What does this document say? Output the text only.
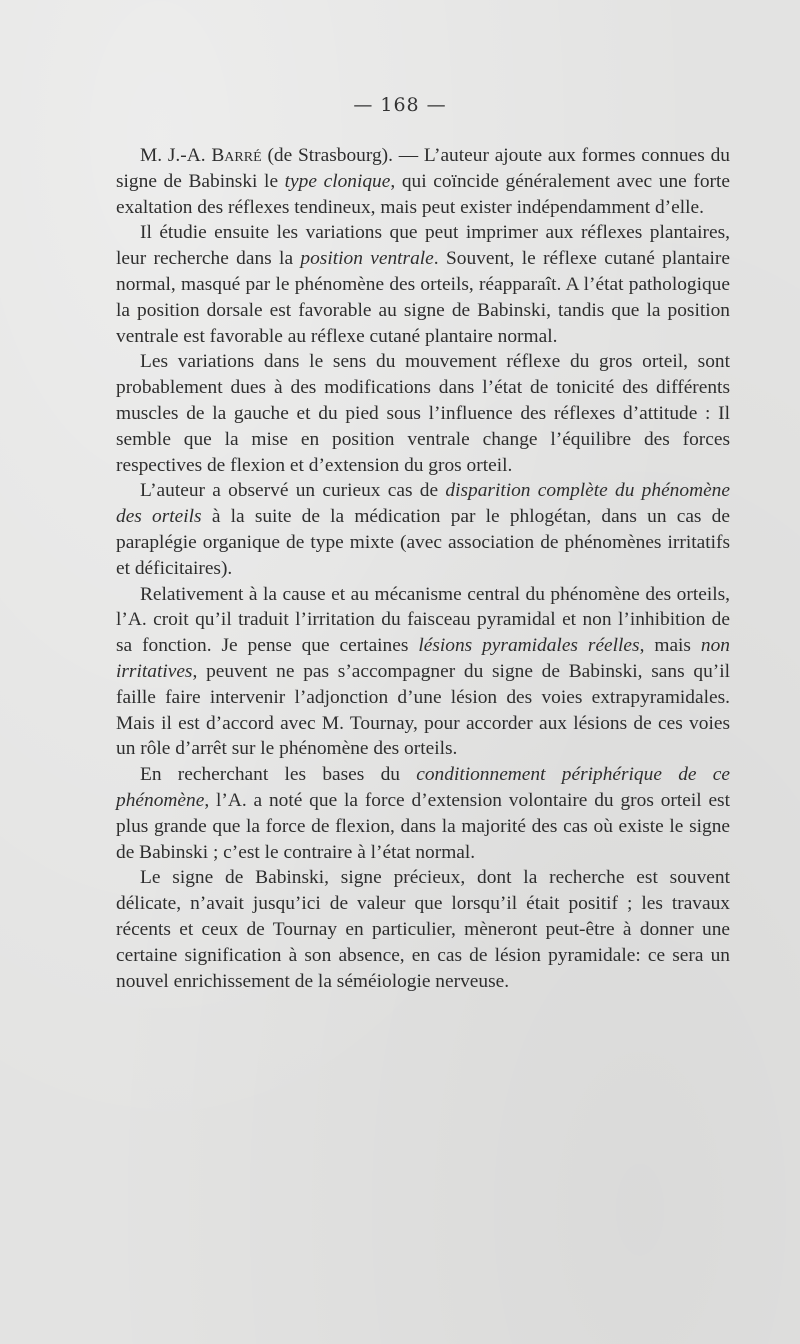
— 168 —

M. J.-A. Barré (de Strasbourg). — L’auteur ajoute aux formes connues du signe de Babinski le type clonique, qui coïncide généralement avec une forte exaltation des réflexes tendineux, mais peut exister indépendamment d’elle.

Il étudie ensuite les variations que peut imprimer aux réflexes plantaires, leur recherche dans la position ventrale. Souvent, le réflexe cutané plantaire normal, masqué par le phénomène des orteils, réapparaît. A l’état pathologique la position dorsale est favorable au signe de Babinski, tandis que la position ventrale est favorable au réflexe cutané plantaire normal.

Les variations dans le sens du mouvement réflexe du gros orteil, sont probablement dues à des modifications dans l’état de tonicité des différents muscles de la gauche et du pied sous l’influence des réflexes d’attitude : Il semble que la mise en position ventrale change l’équilibre des forces respectives de flexion et d’extension du gros orteil.

L’auteur a observé un curieux cas de disparition complète du phénomène des orteils à la suite de la médication par le phlogétan, dans un cas de paraplégie organique de type mixte (avec association de phénomènes irritatifs et déficitaires).

Relativement à la cause et au mécanisme central du phénomène des orteils, l’A. croit qu’il traduit l’irritation du faisceau pyramidal et non l’inhibition de sa fonction. Je pense que certaines lésions pyramidales réelles, mais non irritatives, peuvent ne pas s’accompagner du signe de Babinski, sans qu’il faille faire intervenir l’adjonction d’une lésion des voies extrapyramidales. Mais il est d’accord avec M. Tournay, pour accorder aux lésions de ces voies un rôle d’arrêt sur le phénomène des orteils.

En recherchant les bases du conditionnement périphérique de ce phénomène, l’A. a noté que la force d’extension volontaire du gros orteil est plus grande que la force de flexion, dans la majorité des cas où existe le signe de Babinski ; c’est le contraire à l’état normal.

Le signe de Babinski, signe précieux, dont la recherche est souvent délicate, n’avait jusqu’ici de valeur que lorsqu’il était positif ; les travaux récents et ceux de Tournay en particulier, mèneront peut-être à donner une certaine signification à son absence, en cas de lésion pyramidale: ce sera un nouvel enrichissement de la séméiologie nerveuse.
